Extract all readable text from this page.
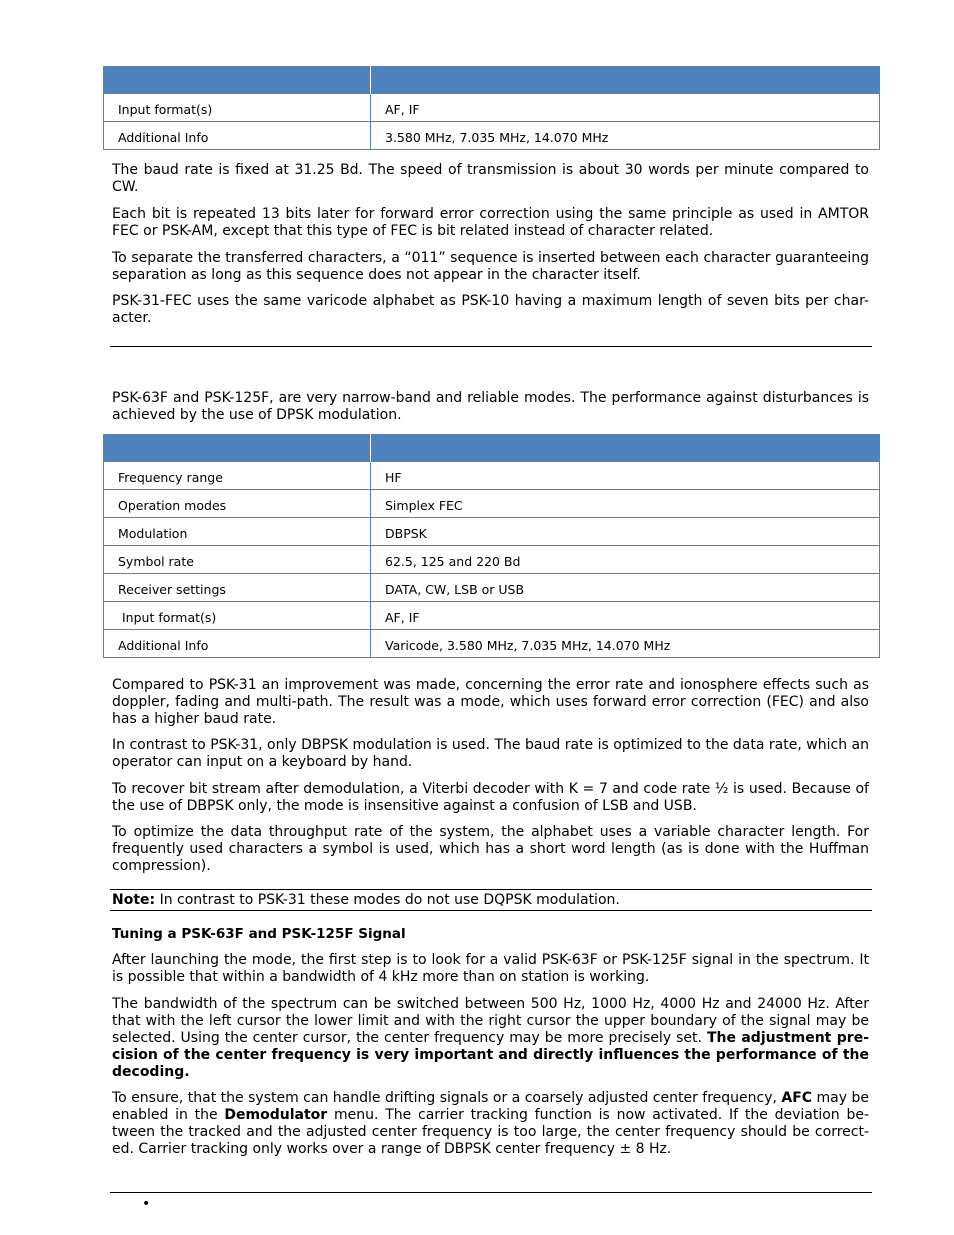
Input format(s)	AF, IF
Additional Info	3.580 MHz, 7.035 MHz, 14.070 MHz

The baud rate is fixed at 31.25 Bd. The speed of transmission is about 30 words per minute compared to CW.

Each bit is repeated 13 bits later for forward error correction using the same principle as used in AMTOR FEC or PSK-AM, except that this type of FEC is bit related instead of character related.

To separate the transferred characters, a “011” sequence is inserted between each character guaranteeing separation as long as this sequence does not appear in the character itself.

PSK-31-FEC uses the same varicode alphabet as PSK-10 having a maximum length of seven bits per char-acter.

PSK-63F and PSK-125F, are very narrow-band and reliable modes. The performance against disturbances is achieved by the use of DPSK modulation.

Frequency range	HF
Operation modes	Simplex FEC
Modulation	DBPSK
Symbol rate	62.5, 125 and 220 Bd
Receiver settings	DATA, CW, LSB or USB
Input format(s)	AF, IF
Additional Info	Varicode, 3.580 MHz, 7.035 MHz, 14.070 MHz

Compared to PSK-31 an improvement was made, concerning the error rate and ionosphere effects such as doppler, fading and multi-path. The result was a mode, which uses forward error correction (FEC) and also has a higher baud rate.

In contrast to PSK-31, only DBPSK modulation is used. The baud rate is optimized to the data rate, which an operator can input on a keyboard by hand.

To recover bit stream after demodulation, a Viterbi decoder with K = 7 and code rate ½ is used. Because of the use of DBPSK only, the mode is insensitive against a confusion of LSB and USB.

To optimize the data throughput rate of the system, the alphabet uses a variable character length. For frequently used characters a symbol is used, which has a short word length (as is done with the Huffman compression).

Note: In contrast to PSK-31 these modes do not use DQPSK modulation.

Tuning a PSK-63F and PSK-125F Signal

After launching the mode, the first step is to look for a valid PSK-63F or PSK-125F signal in the spectrum. It is possible that within a bandwidth of 4 kHz more than on station is working.

The bandwidth of the spectrum can be switched between 500 Hz, 1000 Hz, 4000 Hz and 24000 Hz. After that with the left cursor the lower limit and with the right cursor the upper boundary of the signal may be selected. Using the center cursor, the center frequency may be more precisely set. The adjustment pre-cision of the center frequency is very important and directly influences the performance of the decoding.

To ensure, that the system can handle drifting signals or a coarsely adjusted center frequency, AFC may be enabled in the Demodulator menu. The carrier tracking function is now activated. If the deviation be-tween the tracked and the adjusted center frequency is too large, the center frequency should be correct-ed. Carrier tracking only works over a range of DBPSK center frequency ± 8 Hz.

•
